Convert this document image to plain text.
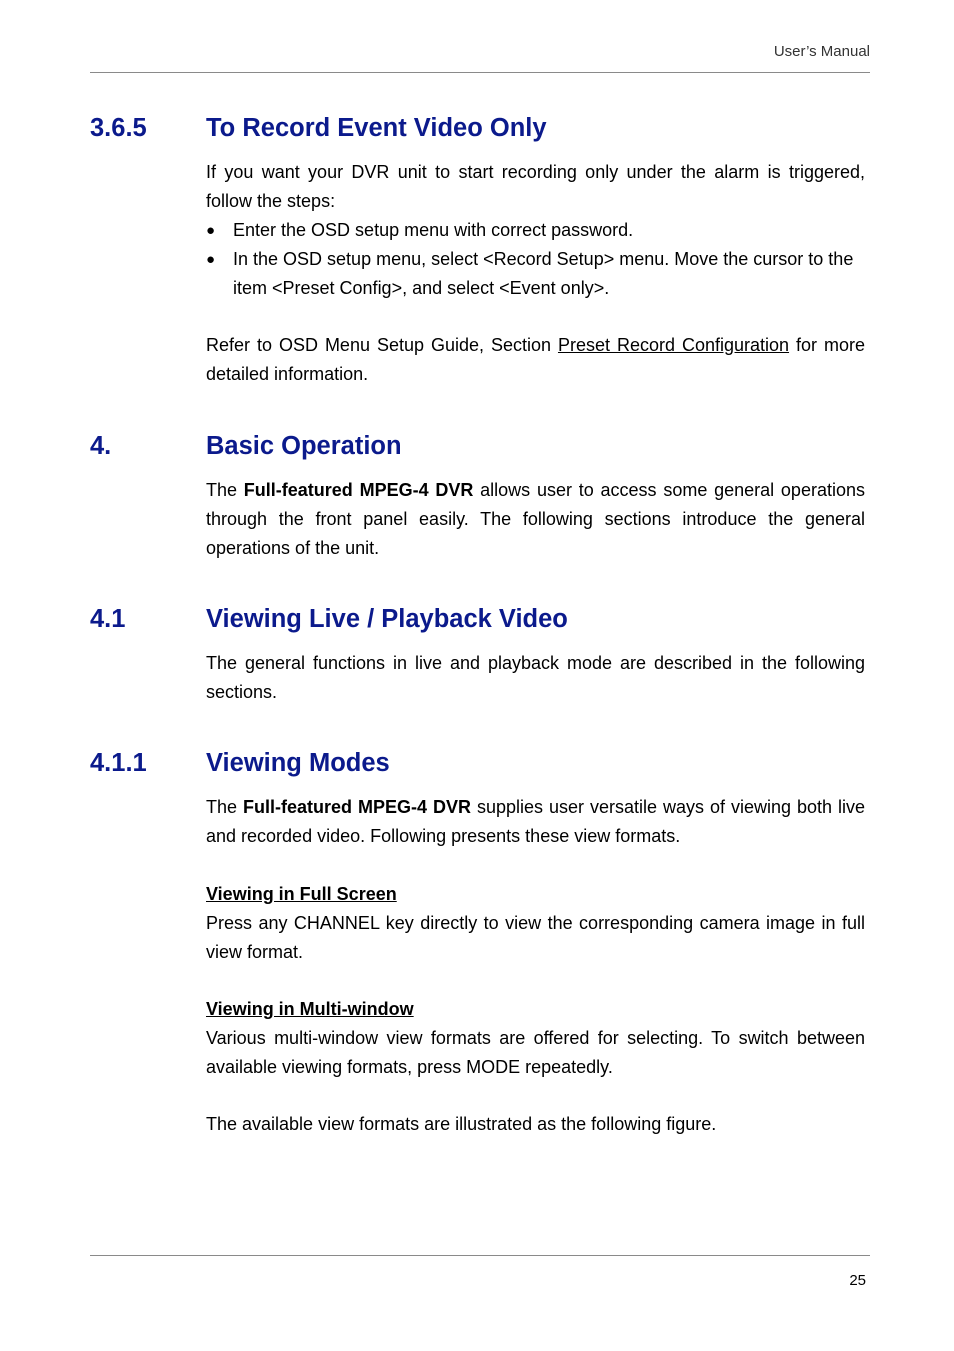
User’s Manual
3.6.5 To Record Event Video Only

If you want your DVR unit to start recording only under the alarm is triggered, follow the steps:

● Enter the OSD setup menu with correct password.
● In the OSD setup menu, select <Record Setup> menu. Move the cursor to the item <Preset Config>, and select <Event only>.

Refer to OSD Menu Setup Guide, Section Preset Record Configuration for more detailed information.

4.	Basic Operation

The Full-featured MPEG-4 DVR allows user to access some general operations through the front panel easily. The following sections introduce the general operations of the unit.

4.1	Viewing Live / Playback Video

The general functions in live and playback mode are described in the following sections.

4.1.1 Viewing Modes

The Full-featured MPEG-4 DVR supplies user versatile ways of viewing both live and recorded video. Following presents these view formats.

Viewing in Full Screen

Press any CHANNEL key directly to view the corresponding camera image in full view format.

Viewing in Multi-window

Various multi-window view formats are offered for selecting. To switch between available viewing formats, press MODE repeatedly.

The available view formats are illustrated as the following figure.

25
